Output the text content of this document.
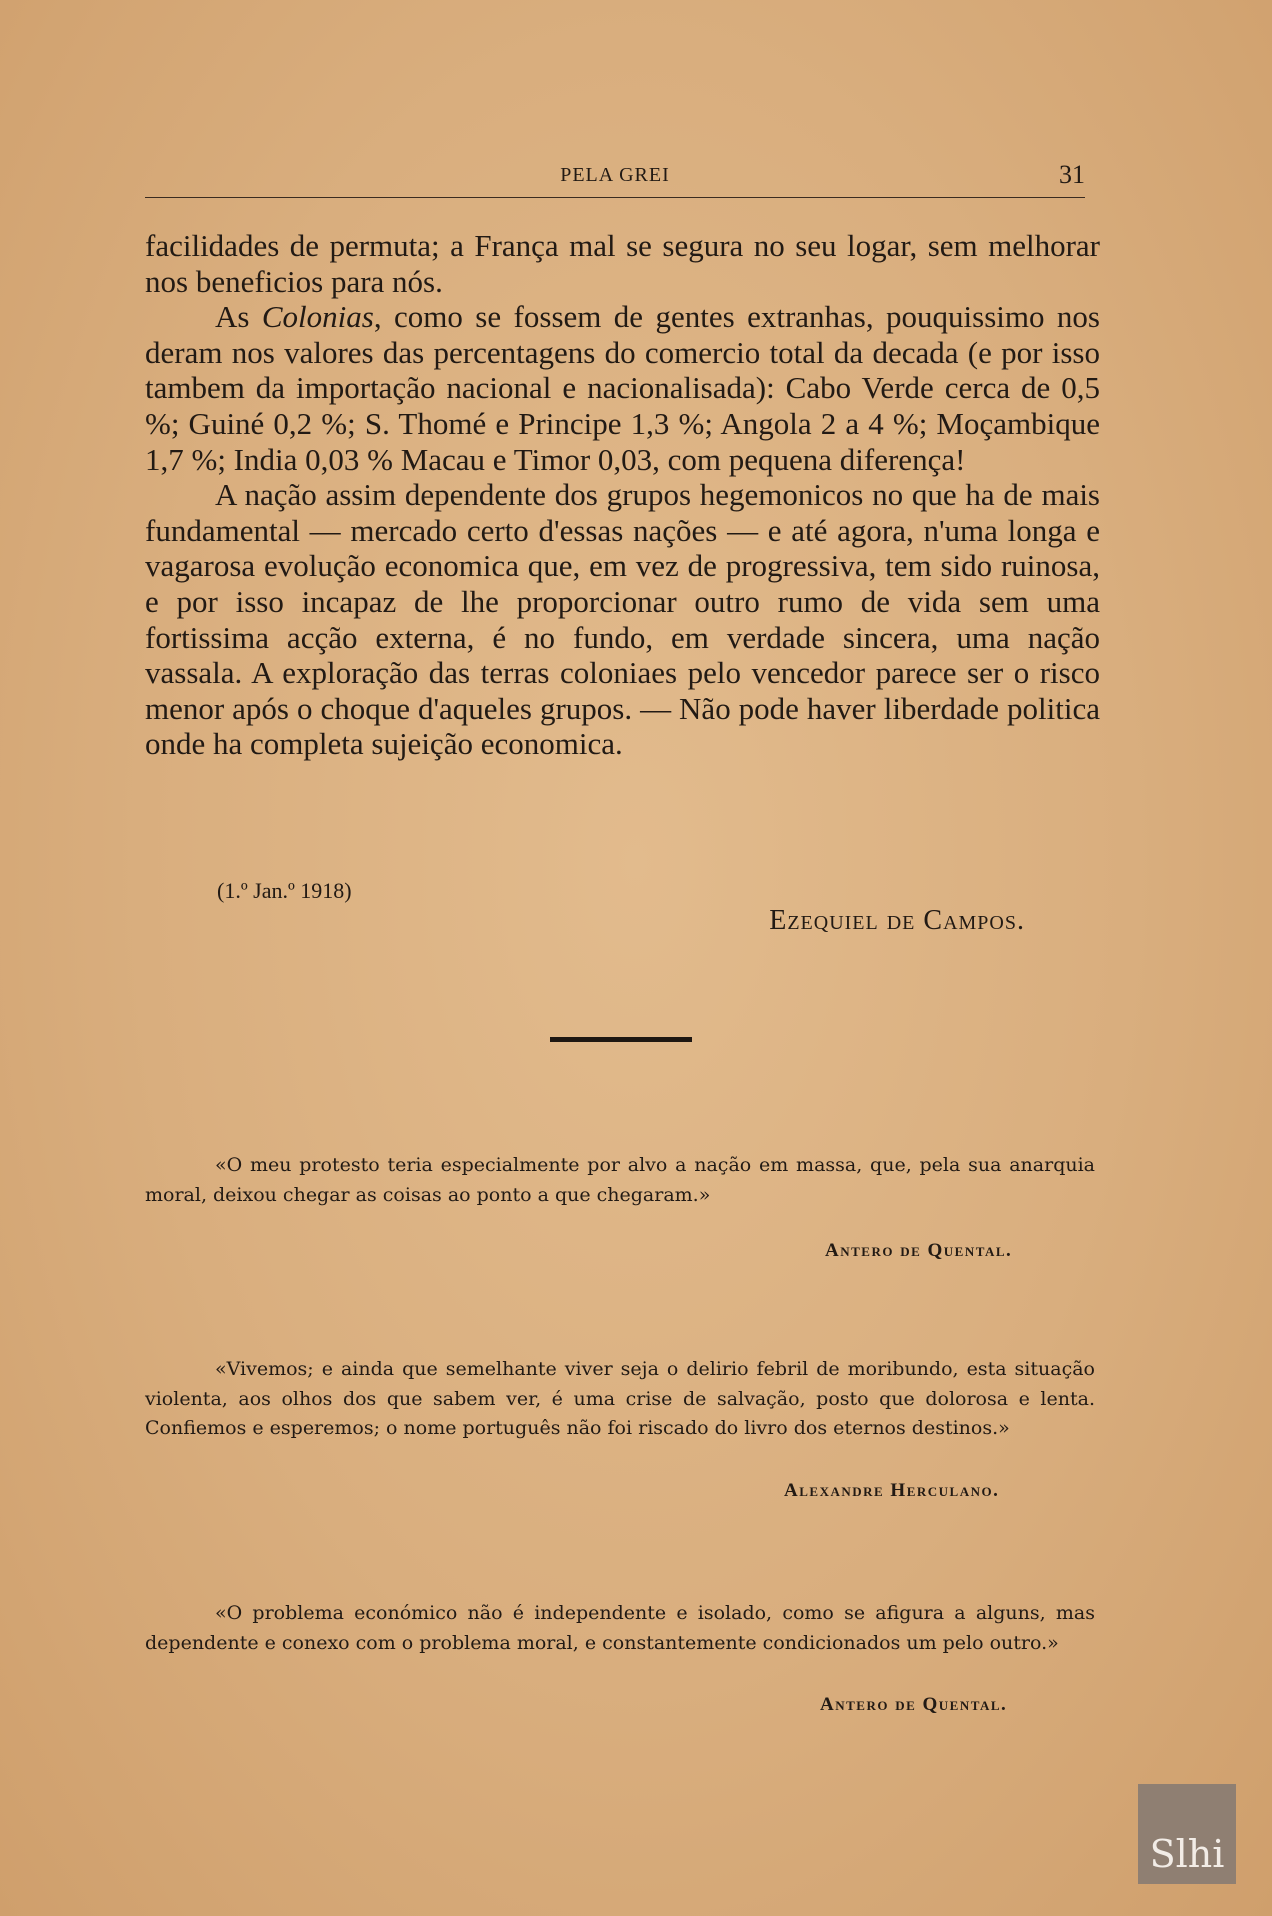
PELA GREI	31

facilidades de permuta; a França mal se segura no seu logar, sem melhorar nos beneficios para nós.

As Colonias, como se fossem de gentes extranhas, pouquissimo nos deram nos valores das percentagens do comercio total da decada (e por isso tambem da importação nacional e nacionalisada): Cabo Verde cerca de 0,5 %; Guiné 0,2 %; S. Thomé e Principe 1,3 %; Angola 2 a 4 %; Moçambique 1,7 %; India 0,03 % Macau e Timor 0,03, com pequena diferença!

A nação assim dependente dos grupos hegemonicos no que ha de mais fundamental — mercado certo d'essas nações — e até agora, n'uma longa e vagarosa evolução economica que, em vez de progressiva, tem sido ruinosa, e por isso incapaz de lhe proporcionar outro rumo de vida sem uma fortissima acção externa, é no fundo, em verdade sincera, uma nação vassala. A exploração das terras coloniaes pelo vencedor parece ser o risco menor após o choque d'aqueles grupos. — Não pode haver liberdade politica onde ha completa sujeição economica.

(1.º Jan.º 1918)
Ezequiel de Campos.

«O meu protesto teria especialmente por alvo a nação em massa, que, pela sua anarquia moral, deixou chegar as coisas ao ponto a que chegaram.»

Antero de Quental.

«Vivemos; e ainda que semelhante viver seja o delirio febril de moribundo, esta situação violenta, aos olhos dos que sabem ver, é uma crise de salvação, posto que dolorosa e lenta. Confiemos e esperemos; o nome português não foi riscado do livro dos eternos destinos.»

Alexandre Herculano.

«O problema económico não é independente e isolado, como se afigura a alguns, mas dependente e conexo com o problema moral, e constantemente condicionados um pelo outro.»

Antero de Quental.
Slhi
